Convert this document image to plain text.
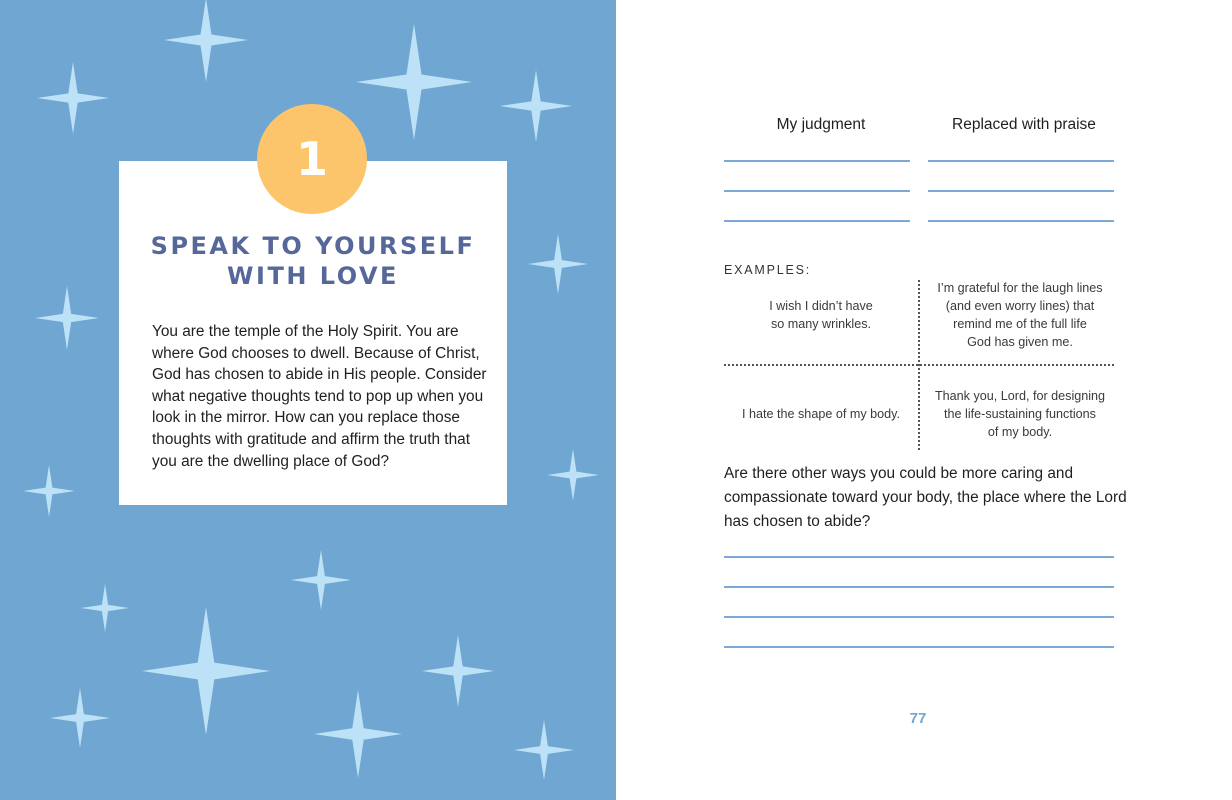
SPEAK TO YOURSELF
WITH LOVE
You are the temple of the Holy Spirit. You are
where God chooses to dwell. Because of Christ,
God has chosen to abide in His people. Consider
what negative thoughts tend to pop up when you
look in the mirror. How can you replace those
thoughts with gratitude and affirm the truth that
you are the dwelling place of God?
1
My judgment	Replaced with praise
EXAMPLES:
I wish I didn’t have
so many wrinkles.
I’m grateful for the laugh lines
(and even worry lines) that
remind me of the full life
God has given me.
I hate the shape of my body.
Thank you, Lord, for designing
the life-sustaining functions
of my body.
Are there other ways you could be more caring and
compassionate toward your body, the place where the Lord
has chosen to abide?
77
